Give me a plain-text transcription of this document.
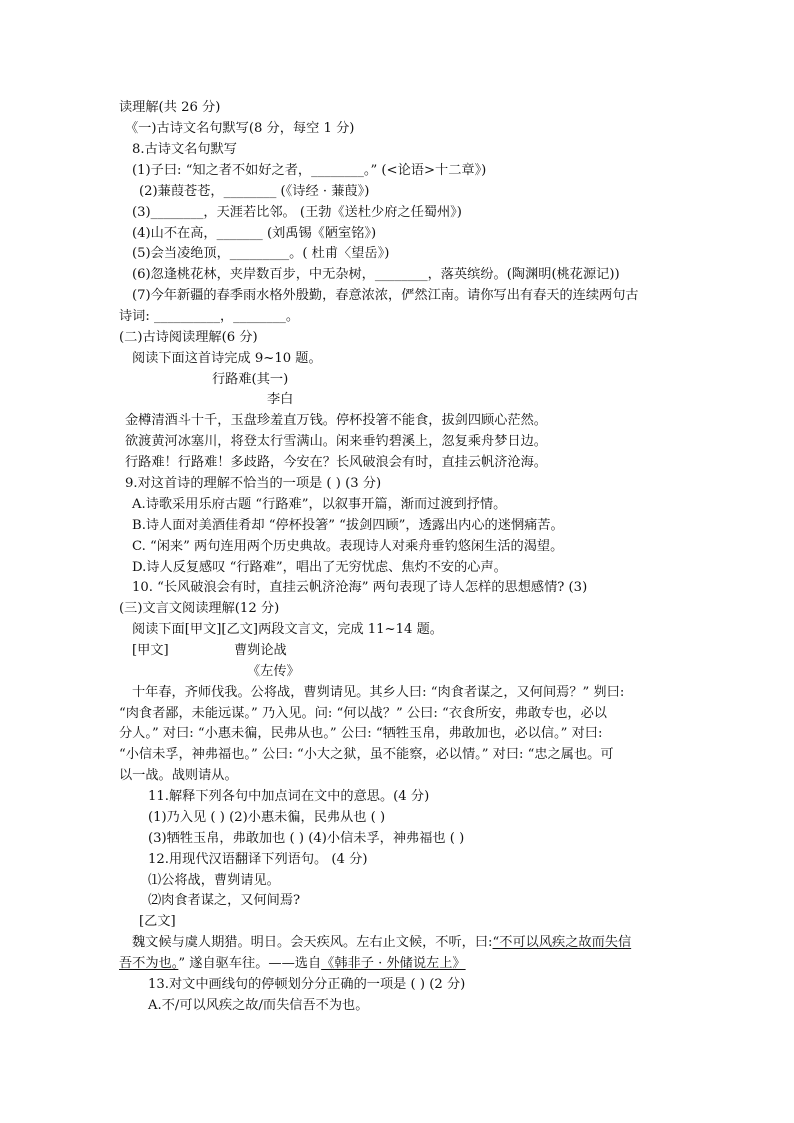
读理解(共 26 分)
《一)古诗文名句默写(8 分，每空 1 分)
8.古诗文名句默写
(1)子曰: “知之者不如好之者，________。” (<论语>十二章》)
(2)蒹葭苍苍，________ (《诗经 · 蒹葭》)
(3)________，天涯若比邻。 (王勃《送杜少府之任蜀州》)
(4)山不在高，_______ (刘禹锡《陋室铭》)
(5)会当凌绝顶，_________。( 杜甫〈望岳》)
(6)忽逢桃花林，夹岸数百步，中无杂树，________，落英缤纷。(陶渊明(桃花源记))
(7)今年新疆的春季雨水格外殷勤，春意浓浓，俨然江南。请你写出有春天的连续两句古
诗词: __________，________。
(二)古诗阅读理解(6 分)
阅读下面这首诗完成 9~10 题。
行路难(其一)
李白
金樽清酒斗十千，玉盘珍羞直万钱。停杯投箸不能食，拔剑四顾心茫然。
欲渡黄河冰塞川，将登太行雪满山。闲来垂钓碧溪上，忽复乘舟梦日边。
行路难！行路难！多歧路，今安在？长风破浪会有时，直挂云帆济沧海。
9.对这首诗的理解不恰当的一项是 ( ) (3 分)
A.诗歌采用乐府古题 “行路难”，以叙事开篇，渐而过渡到抒情。
B.诗人面对美酒佳肴却 “停杯投箸” “拔剑四顾”，透露出内心的迷惘痛苦。
C. “闲来” 两句连用两个历史典故。表现诗人对乘舟垂钓悠闲生活的渴望。
D.诗人反复感叹 “行路难”，唱出了无穷忧虑、焦灼不安的心声。
10. “长风破浪会有时，直挂云帆济沧海” 两句表现了诗人怎样的思想感情? (3)
(三)文言文阅读理解(12 分)
阅读下面[甲文][乙文]两段文言文，完成 11~14 题。
[甲文]	曹刿论战
《左传》
十年春，齐师伐我。公将战，曹刿请见。其乡人曰: “肉食者谋之，又何间焉？” 刿曰:
“肉食者鄙，未能远谋。” 乃入见。问: “何以战？” 公曰: “衣食所安，弗敢专也，必以
分人。” 对曰: “小惠未徧，民弗从也。” 公曰: “牺牲玉帛，弗敢加也，必以信。” 对曰:
“小信未孚，神弗福也。” 公曰: “小大之狱，虽不能察，必以情。” 对曰: “忠之属也。可
以一战。战则请从。
11.解释下列各句中加点词在文中的意思。(4 分)
(1)乃入见 ( ) (2)小惠未徧，民弗从也 ( )
(3)牺牲玉帛，弗敢加也 ( ) (4)小信未孚，神弗福也 ( )
12.用现代汉语翻译下列语句。 (4 分)
⑴公将战，曹刿请见。
⑵肉食者谋之，又何间焉?
[乙文]
魏文候与虞人期猎。明日。会天疾风。左右止文候，不听，曰:“不可以风疾之故而失信
吾不为也。” 遂自驱车往。——选自《韩非子 · 外储说左上》
13.对文中画线句的停顿划分分正确的一项是 ( ) (2 分)
A.不/可以风疾之故/而失信吾不为也。
